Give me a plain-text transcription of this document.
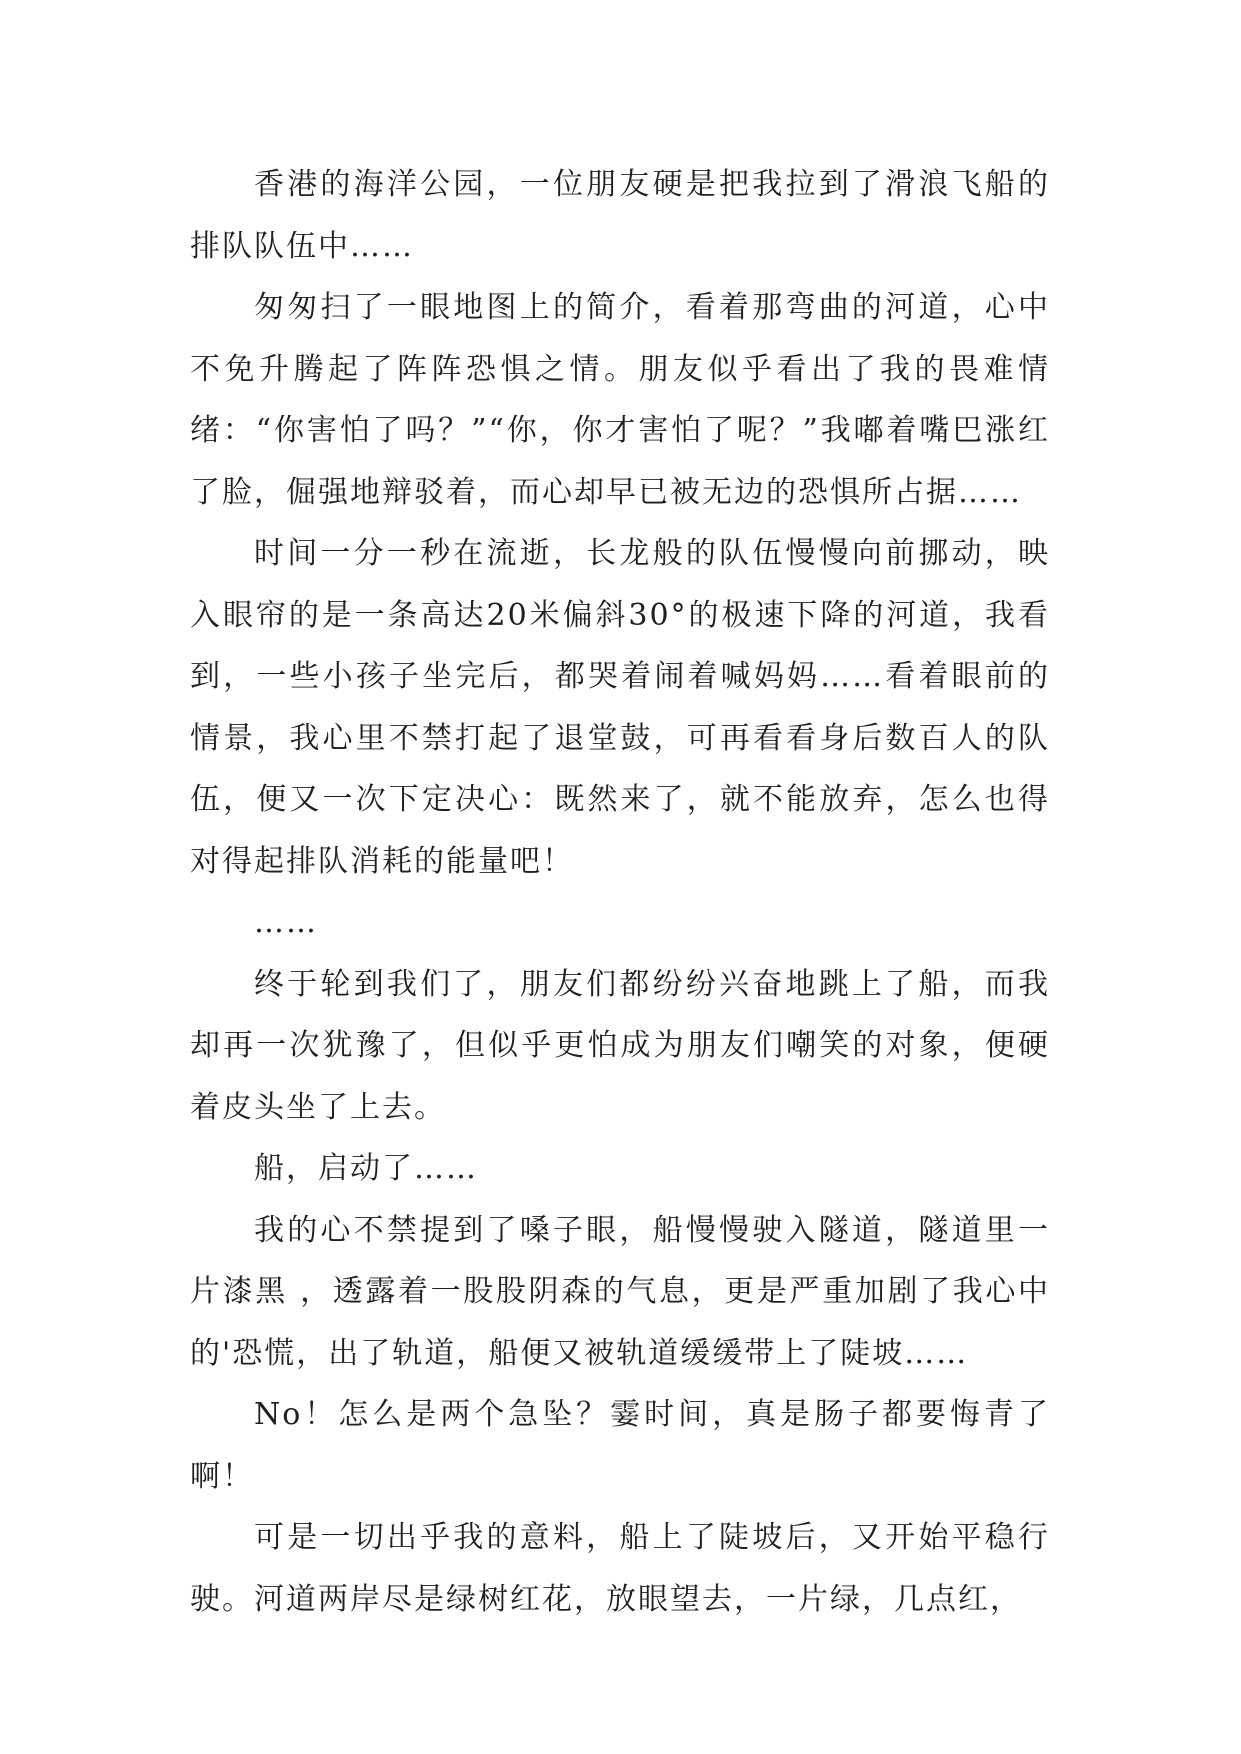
香港的海洋公园，一位朋友硬是把我拉到了滑浪飞船的排队队伍中……

匆匆扫了一眼地图上的简介，看着那弯曲的河道，心中不免升腾起了阵阵恐惧之情。朋友似乎看出了我的畏难情绪：“你害怕了吗？”“你，你才害怕了呢？”我嘟着嘴巴涨红了脸，倔强地辩驳着，而心却早已被无边的恐惧所占据……

时间一分一秒在流逝，长龙般的队伍慢慢向前挪动，映入眼帘的是一条高达20米偏斜30°的极速下降的河道，我看到，一些小孩子坐完后，都哭着闹着喊妈妈……看着眼前的情景，我心里不禁打起了退堂鼓，可再看看身后数百人的队伍，便又一次下定决心：既然来了，就不能放弃，怎么也得对得起排队消耗的能量吧！

……

终于轮到我们了，朋友们都纷纷兴奋地跳上了船，而我却再一次犹豫了，但似乎更怕成为朋友们嘲笑的对象，便硬着皮头坐了上去。

船，启动了……

我的心不禁提到了嗓子眼，船慢慢驶入隧道，隧道里一片漆黑 ，透露着一股股阴森的气息，更是严重加剧了我心中的'恐慌，出了轨道，船便又被轨道缓缓带上了陡坡……

No！怎么是两个急坠？霎时间，真是肠子都要悔青了啊！

可是一切出乎我的意料，船上了陡坡后，又开始平稳行驶。河道两岸尽是绿树红花，放眼望去，一片绿，几点红，
